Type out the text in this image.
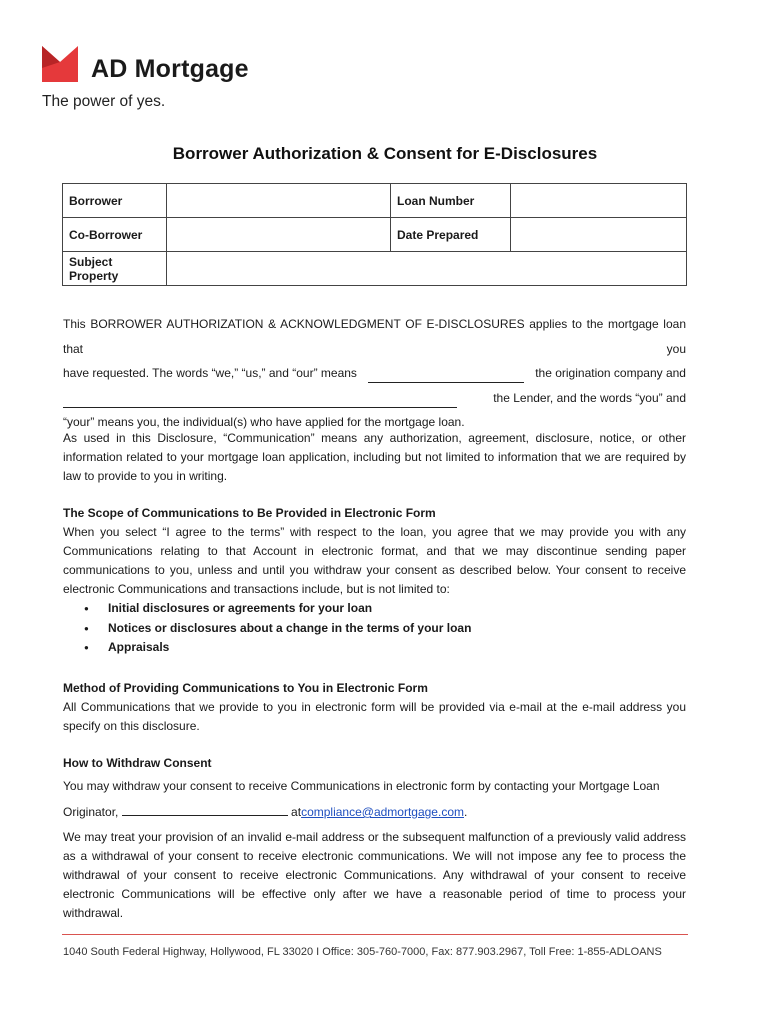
AD Mortgage
The power of yes.
Borrower Authorization & Consent for E-Disclosures
Borrower		Loan Number	
Co-Borrower		Date Prepared	
Subject Property			
This BORROWER AUTHORIZATION & ACKNOWLEDGMENT OF E-DISCLOSURES applies to the mortgage loan that you
have requested. The words “we,” “us,” and “our” means	the origination company and
the Lender, and the words “you” and
“your” means you, the individual(s) who have applied for the mortgage loan.
As used in this Disclosure, “Communication” means any authorization, agreement, disclosure, notice, or other information related to your mortgage loan application, including but not limited to information that we are required by law to provide to you in writing.

The Scope of Communications to Be Provided in Electronic Form

When you select “I agree to the terms” with respect to the loan, you agree that we may provide you with any Communications relating to that Account in electronic format, and that we may discontinue sending paper communications to you, unless and until you withdraw your consent as described below. Your consent to receive electronic Communications and transactions include, but is not limited to:

● Initial disclosures or agreements for your loan
● Notices or disclosures about a change in the terms of your loan
● Appraisals

Method of Providing Communications to You in Electronic Form

All Communications that we provide to you in electronic form will be provided via e-mail at the e-mail address you specify on this disclosure.

How to Withdraw Consent

You may withdraw your consent to receive Communications in electronic form by contacting your Mortgage Loan
Originator,	atcompliance@admortgage.com.

We may treat your provision of an invalid e-mail address or the subsequent malfunction of a previously valid address as a withdrawal of your consent to receive electronic communications. We will not impose any fee to process the withdrawal of your consent to receive electronic Communications. Any withdrawal of your consent to receive electronic Communications will be effective only after we have a reasonable period of time to process your withdrawal.

1040 South Federal Highway, Hollywood, FL 33020 I Office: 305-760-7000, Fax: 877.903.2967, Toll Free: 1-855-ADLOANS
